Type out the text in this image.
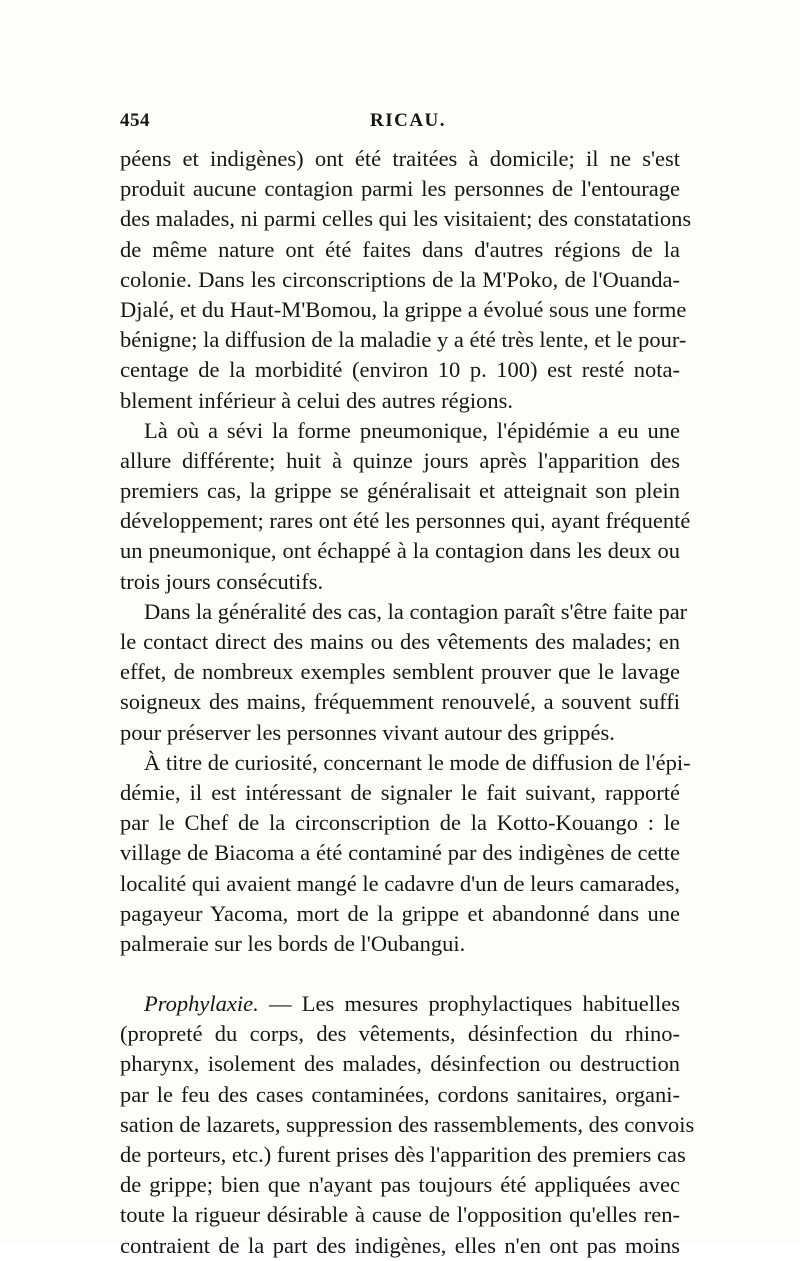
454	RICAU.
péens et indigènes) ont été traitées à domicile; il ne s'est
produit aucune contagion parmi les personnes de l'entourage
des malades, ni parmi celles qui les visitaient; des constatations
de même nature ont été faites dans d'autres régions de la
colonie. Dans les circonscriptions de la M'Poko, de l'Ouanda-
Djalé, et du Haut-M'Bomou, la grippe a évolué sous une forme
bénigne; la diffusion de la maladie y a été très lente, et le pour-
centage de la morbidité (environ 10 p. 100) est resté nota-
blement inférieur à celui des autres régions.
Là où a sévi la forme pneumonique, l'épidémie a eu une
allure différente; huit à quinze jours après l'apparition des
premiers cas, la grippe se généralisait et atteignait son plein
développement; rares ont été les personnes qui, ayant fréquenté
un pneumonique, ont échappé à la contagion dans les deux ou
trois jours consécutifs.
Dans la généralité des cas, la contagion paraît s'être faite par
le contact direct des mains ou des vêtements des malades; en
effet, de nombreux exemples semblent prouver que le lavage
soigneux des mains, fréquemment renouvelé, a souvent suffi
pour préserver les personnes vivant autour des grippés.
À titre de curiosité, concernant le mode de diffusion de l'épi-
démie, il est intéressant de signaler le fait suivant, rapporté
par le Chef de la circonscription de la Kotto-Kouango : le
village de Biacoma a été contaminé par des indigènes de cette
localité qui avaient mangé le cadavre d'un de leurs camarades,
pagayeur Yacoma, mort de la grippe et abandonné dans une
palmeraie sur les bords de l'Oubangui.
Prophylaxie. — Les mesures prophylactiques habituelles
(propreté du corps, des vêtements, désinfection du rhino-
pharynx, isolement des malades, désinfection ou destruction
par le feu des cases contaminées, cordons sanitaires, organi-
sation de lazarets, suppression des rassemblements, des convois
de porteurs, etc.) furent prises dès l'apparition des premiers cas
de grippe; bien que n'ayant pas toujours été appliquées avec
toute la rigueur désirable à cause de l'opposition qu'elles ren-
contraient de la part des indigènes, elles n'en ont pas moins
